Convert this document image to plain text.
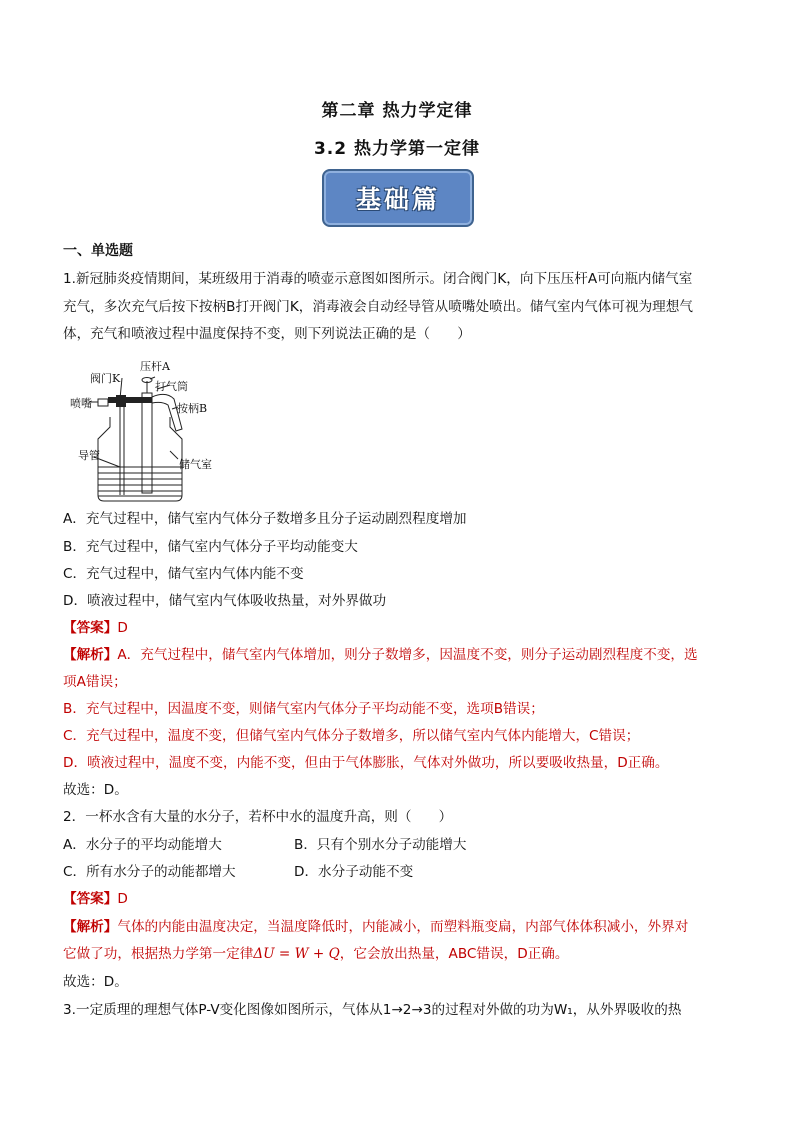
第二章 热力学定律
3.2 热力学第一定律
基础篇
一、单选题
1.新冠肺炎疫情期间，某班级用于消毒的喷壶示意图如图所示。闭合阀门K，向下压压杆A可向瓶内储气室
充气，多次充气后按下按柄B打开阀门K，消毒液会自动经导管从喷嘴处喷出。储气室内气体可视为理想气
体，充气和喷液过程中温度保持不变，则下列说法正确的是（　　）
压杆A
阀门K
打气筒
喷嘴	按柄B
导管
储气室
A．充气过程中，储气室内气体分子数增多且分子运动剧烈程度增加
B．充气过程中，储气室内气体分子平均动能变大
C．充气过程中，储气室内气体内能不变
D．喷液过程中，储气室内气体吸收热量，对外界做功
【答案】D
【解析】A．充气过程中，储气室内气体增加，则分子数增多，因温度不变，则分子运动剧烈程度不变，选
项A错误；
B．充气过程中，因温度不变，则储气室内气体分子平均动能不变，选项B错误；
C．充气过程中，温度不变，但储气室内气体分子数增多，所以储气室内气体内能增大，C错误；
D．喷液过程中，温度不变，内能不变，但由于气体膨胀，气体对外做功，所以要吸收热量，D正确。
故选：D。
2．一杯水含有大量的水分子，若杯中水的温度升高，则（　　）
A．水分子的平均动能增大	B．只有个别水分子动能增大
C．所有水分子的动能都增大	D．水分子动能不变
【答案】D
【解析】气体的内能由温度决定，当温度降低时，内能减小，而塑料瓶变扁，内部气体体积减小，外界对
它做了功，根据热力学第一定律ΔU = W + Q，它会放出热量，ABC错误，D正确。
故选：D。
3.一定质理的理想气体P-V变化图像如图所示，气体从1→2→3的过程对外做的功为W₁，从外界吸收的热
